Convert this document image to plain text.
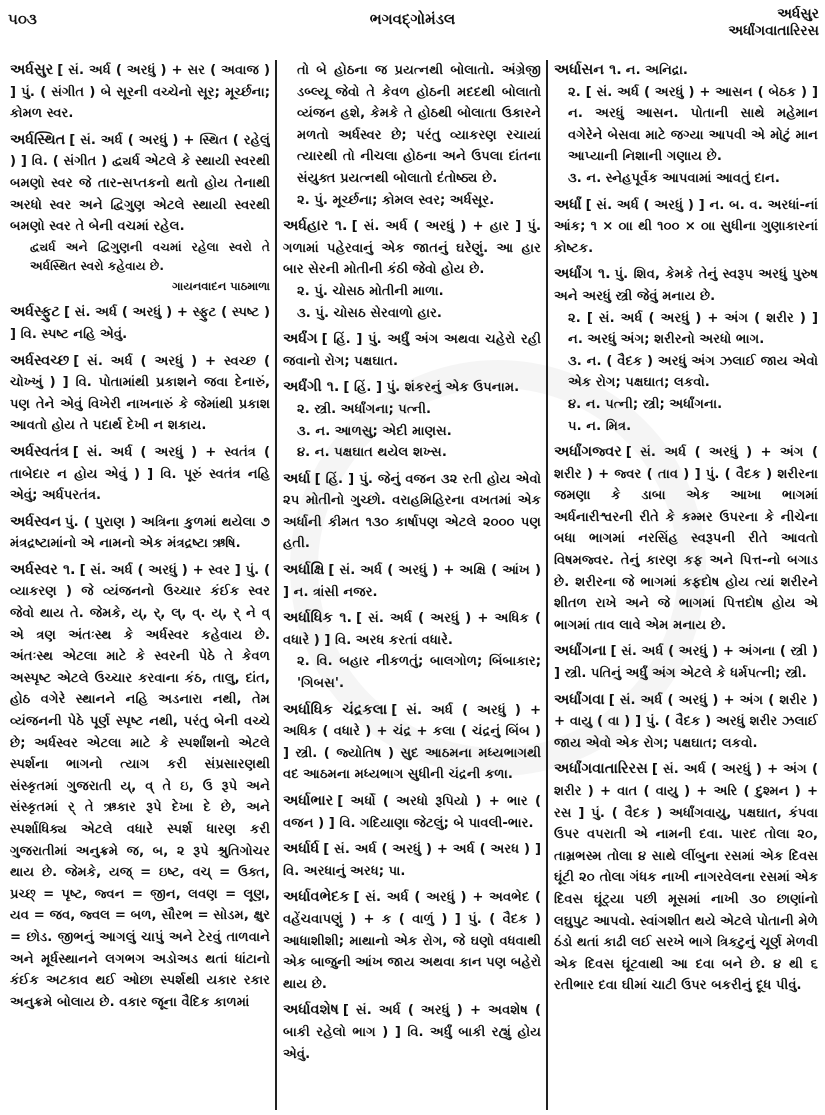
૫૦૩	ભગવદ્ગોમંડલ	અર્ધસુર
અર્ધાંગવાતારિરસ

અર્ધસુર [ સં. અર્ધ ( અરધું ) + સર ( અવાજ ) ] પું. ( સંગીત ) બે સૂરની વચ્ચેનો સૂર; મૂર્ચ્છના; કોમળ સ્વર.

અર્ધસ્થિત [ સં. અર્ધ ( અરધું ) + સ્થિત ( રહેલું ) ] વિ. ( સંગીત ) દ્વ્યર્ધ એટલે કે સ્થાયી સ્વરથી બમણો સ્વર જે તાર-સપ્તકનો થતો હોય તેનાથી અરધો સ્વર અને દ્વિગુણ એટલે સ્થાયી સ્વરથી બમણો સ્વર તે બેની વચમાં રહેલ.

દ્વ્યર્ધ અને દ્વિગુણની વચમાં રહેલા સ્વરો તે અર્ધસ્થિત સ્વરો કહેવાય છે.

ગાયનવાદન પાઠમાળા

અર્ધસ્ફુટ [ સં. અર્ધ ( અરધું ) + સ્ફુટ ( સ્પષ્ટ ) ] વિ. સ્પષ્ટ નહિ એવું.

અર્ધસ્વચ્છ [ સં. અર્ધ ( અરધું ) + સ્વચ્છ ( ચોખ્ખું ) ] વિ. પોતામાંથી પ્રકાશને જવા દેનારું, પણ તેને એવું વિખેરી નાખનારું કે જેમાંથી પ્રકાશ આવતો હોય તે પદાર્થ દેખી ન શકાય.

અર્ધસ્વતંત્ર [ સં. અર્ધ ( અરધું ) + સ્વતંત્ર ( તાબેદાર ન હોય એવું ) ] વિ. પૂરું સ્વતંત્ર નહિ એવું; અર્ધપરતંત્ર.

અર્ધસ્વન પું. ( પુરાણ ) અત્રિના કુળમાં થયેલા ૭ મંત્રદ્રષ્ટામાંનો એ નામનો એક મંત્રદ્રષ્ટા ઋષિ.

અર્ધસ્વર ૧. [ સં. અર્ધ ( અરધું ) + સ્વર ] પું. ( વ્યાકરણ ) જે વ્યંજનનો ઉચ્ચાર કંઈક સ્વર જેવો થાય તે. જેમકે, ય્, ર્, લ્, વ્. ય્, ર્ ને વ્ એ ત્રણ અંતઃસ્થ કે અર્ધસ્વર કહેવાય છે. અંતઃસ્થ એટલા માટે કે સ્વરની પેઠે તે કેવળ અસ્પૃષ્ટ એટલે ઉચ્ચાર કરવાના કંઠ, તાલુ, દાંત, હોઠ વગેરે સ્થાનને નહિ અડનારા નથી, તેમ વ્યંજનની પેઠે પૂર્ણ સ્પૃષ્ટ નથી, પરંતુ બેની વચ્ચે છે; અર્ધસ્વર એટલા માટે કે સ્પર્શાંશનો એટલે સ્પર્શના ભાગનો ત્યાગ કરી સંપ્રસારણથી સંસ્કૃતમાં ગુજરાતી ય્, વ્ તે ઇ, ઉ રૂપે અને સંસ્કૃતમાં ર્ તે ઋકાર રૂપે દેખા દે છે, અને સ્પર્શાધિક્ય એટલે વધારે સ્પર્શ ધારણ કરી ગુજરાતીમાં અનુક્રમે જ, બ, ૨ રૂપે શ્રુતિગોચર થાય છે. જેમકે, યજ્ = ઇષ્ટ, વચ્ = ઉક્ત, પ્રચ્છ્ = પૃષ્ટ, જ્વન = જીન, લવણ = લૂણ, યવ = જવ, જ્વલ = બળ, સૌરભ = સોડમ, ક્ષુર = છોડ. જીભનું આગલું ચાપું અને ટેરવું તાળવાને અને મૂર્ધસ્થાનને લગભગ અડોઅડ થતાં ધાંટાનો કંઈક અટકાવ થઈ ઓછા સ્પર્શથી યકાર રકાર અનુક્રમે બોલાય છે. વકાર જૂના વૈદિક કાળમાં

તો બે હોઠના જ પ્રયત્નથી બોલાતો. અંગ્રેજી ડબ્લ્યૂ જેવો તે કેવળ હોઠની મદદથી બોલાતો વ્યંજન હશે, કેમકે તે હોઠથી બોલાતા ઉકારને મળતો અર્ધસ્વર છે; પરંતુ વ્યાકરણ રચાયાં ત્યારથી તો નીચલા હોઠના અને ઉપલા દાંતના સંયુક્ત પ્રયત્નથી બોલાતો દંતોષ્ઠ્ય છે.

૨. પું. મૂર્ચ્છના; કોમલ સ્વર; અર્ધસૂર.

અર્ધહાર ૧. [ સં. અર્ધ ( અરધું ) + હાર ] પું. ગળામાં પહેરવાનું એક જાતનું ઘરેણું. આ હાર બાર સેરની મોતીની કંઠી જેવો હોય છે.

૨. પું. ચોસઠ મોતીની માળા.

૩. પું. ચોસઠ સેરવાળો હાર.

અર્ધંગ [ હિં. ] પું. અર્ધું અંગ અથવા ચહેરો રહી જવાનો રોગ; પક્ષઘાત.

અર્ધંગી ૧. [ હિં. ] પું. શંકરનું એક ઉપનામ.

૨. સ્ત્રી. અર્ધાંગના; પત્ની.

૩. ન. આળસુ; એદી માણસ.

૪. ન. પક્ષઘાત થયેલ શખ્સ.

અર્ધા [ હિં. ] પું. જેનું વજન ૩૨ રતી હોય એવો ૨૫ મોતીનો ગુચ્છો. વરાહમિહિરના વખતમાં એક અર્ધાની કીમત ૧૩૦ કાર્ષાપણ એટલે ૨૦૦૦ પણ હતી.

અર્ધાક્ષિ [ સં. અર્ધ ( અરધું ) + અક્ષિ ( આંખ ) ] ન. ત્રાંસી નજર.

અર્ધાધિક ૧. [ સં. અર્ધ ( અરધું ) + અધિક ( વધારે ) ] વિ. અરધ કરતાં વધારે.

૨. વિ. બહાર નીકળતું; બાલગોળ; બિંબાકાર; 'ગિબસ'.

અર્ધાધિક ચંદ્રકલા [ સં. અર્ધ ( અરધું ) + અધિક ( વધારે ) + ચંદ્ર + કલા ( ચંદ્રનું બિંબ ) ] સ્ત્રી. ( જ્યોતિષ ) સુદ આઠમના મધ્યભાગથી વદ આઠમના મધ્યભાગ સુધીની ચંદ્રની કળા.

અર્ધાભાર [ અર્ધો ( અરધો રૂપિયો ) + ભાર ( વજન ) ] વિ. ગદિયાણા જેટલું; બે પાવલી-ભાર.

અર્ધાર્ધ [ સં. અર્ધ ( અરધું ) + અર્ધ ( અરધ ) ] વિ. અરધાનું અરધ; પા.

અર્ધાવભેદક [ સં. અર્ધ ( અરધું ) + અવભેદ ( વહેંચવાપણું ) + ક ( વાળું ) ] પું. ( વૈદક ) આધાશીશી; માથાનો એક રોગ, જે ઘણો વધવાથી એક બાજુની આંખ જાય અથવા કાન પણ બહેરો થાય છે.

અર્ધાવશેષ [ સં. અર્ધ ( અરધું ) + અવશેષ ( બાકી રહેલો ભાગ ) ] વિ. અર્ધું બાકી રહ્યું હોય એવું.

અર્ધાસન ૧. ન. અનિદ્રા.

૨. [ સં. અર્ધ ( અરધું ) + આસન ( બેઠક ) ] ન. અરધું આસન. પોતાની સાથે મહેમાન વગેરેને બેસવા માટે જગ્યા આપવી એ મોટું માન આપ્યાની નિશાની ગણાય છે.

૩. ન. સ્નેહપૂર્વક આપવામાં આવતું દાન.

અર્ધાં [ સં. અર્ધ ( અરધું ) ] ન. બ. વ. અરધાં-નાં આંક; ૧ × ૦ાા થી ૧૦૦ × ૦ાા સુધીના ગુણાકારનાં કોષ્ટક.

અર્ધાંગ ૧. પું. શિવ, કેમકે તેનું સ્વરૂપ અરધું પુરુષ અને અરધું સ્ત્રી જેવું મનાય છે.

૨. [ સં. અર્ધ ( અરધું ) + અંગ ( શરીર ) ] ન. અરધું અંગ; શરીરનો અરધો ભાગ.

૩. ન. ( વૈદક ) અરધું અંગ ઝલાઈ જાય એવો એક રોગ; પક્ષઘાત; લકવો.

૪. ન. પત્ની; સ્ત્રી; અર્ધાંગના.

૫. ન. મિત્ર.

અર્ધાંગજ્વર [ સં. અર્ધ ( અરધું ) + અંગ ( શરીર ) + જ્વર ( તાવ ) ] પું. ( વૈદક ) શરીરના જમણા કે ડાબા એક આખા ભાગમાં અર્ધનારીશ્વરની રીતે કે કમ્મર ઉપરના કે નીચેના બધા ભાગમાં નરસિંહ સ્વરૂપની રીતે આવતો વિષમજ્વર. તેનું કારણ કફ અને પિત્ત-નો બગાડ છે. શરીરના જે ભાગમાં કફદોષ હોય ત્યાં શરીરને શીતળ રાખે અને જે ભાગમાં પિત્તદોષ હોય એ ભાગમાં તાવ લાવે એમ મનાય છે.

અર્ધાંગના [ સં. અર્ધ ( અરધું ) + અંગના ( સ્ત્રી ) ] સ્ત્રી. પતિનું અર્ધું અંગ એટલે કે ધર્મપત્ની; સ્ત્રી.

અર્ધાંગવા [ સં. અર્ધ ( અરધું ) + અંગ ( શરીર ) + વાયુ ( વા ) ] પું. ( વૈદક ) અરધું શરીર ઝલાઈ જાય એવો એક રોગ; પક્ષઘાત; લકવો.

અર્ધાંગવાતારિરસ [ સં. અર્ધ ( અરધું ) + અંગ ( શરીર ) + વાત ( વાયુ ) + અરિ ( દુશ્મન ) + રસ ] પું. ( વૈદક ) અર્ધાંગવાયુ, પક્ષઘાત, કંપવા ઉપર વપરાતી એ નામની દવા. પારદ તોલા ૨૦, તામ્રભસ્મ તોલા ૪ સાથે લીંબુના રસમાં એક દિવસ ઘૂંટી ૨૦ તોલા ગંધક નાખી નાગરવેલના રસમાં એક દિવસ ઘૂંટ્યા પછી મૂસમાં નાખી ૩૦ છાણાંનો લઘુપુટ આપવો. સ્વાંગશીત થયે એટલે પોતાની મેળે ઠંડો થતાં કાઢી લઈ સરખે ભાગે ત્રિકટુનું ચૂર્ણ મેળવી એક દિવસ ઘૂંટવાથી આ દવા બને છે. ૪ થી ૬ રતીભાર દવા ઘીમાં ચાટી ઉપર બકરીનું દૂધ પીવું.
